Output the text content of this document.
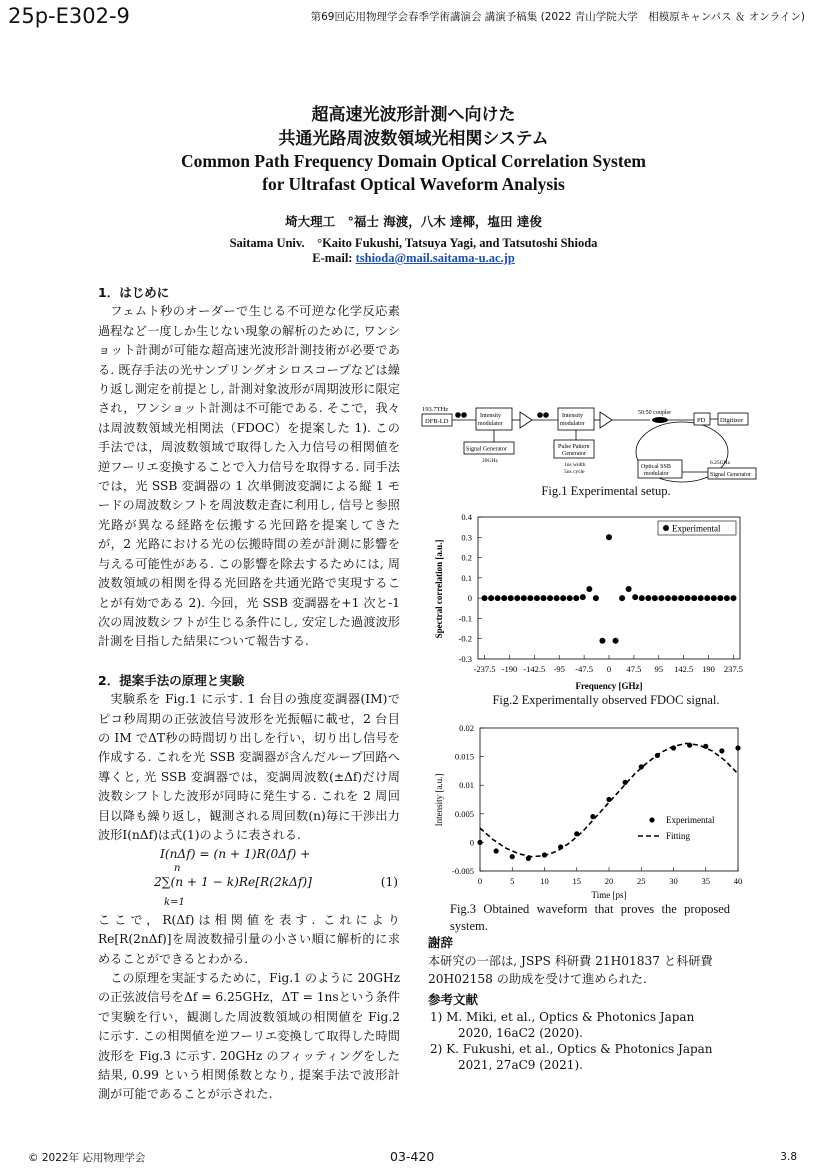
25p-E302-9	第69回応用物理学会春季学術講演会 講演予稿集 (2022 青山学院大学　相模原キャンパス ＆ オンライン)
超高速光波形計測へ向けた
共通光路周波数領域光相関システム
Common Path Frequency Domain Optical Correlation System
for Ultrafast Optical Waveform Analysis
埼大理工　°福士 海渡，八木 達椰，塩田 達俊
Saitama Univ.　°Kaito Fukushi, Tatsuya Yagi, and Tatsutoshi Shioda
E-mail: tshioda@mail.saitama-u.ac.jp
1．はじめに

フェムト秒のオーダーで生じる不可逆な化学反応素過程など一度しか生じない現象の解析のために, ワンショット計測が可能な超高速光波形計測技術が必要である. 既存手法の光サンプリングオシロスコープなどは繰り返し測定を前提とし, 計測対象波形が周期波形に限定され，ワンショット計測は不可能である. そこで，我々は周波数領域光相関法（FDOC）を提案した 1). この手法では，周波数領域で取得した入力信号の相関値を逆フーリエ変換することで入力信号を取得する. 同手法では，光 SSB 変調器の 1 次単側波変調による縦 1 モードの周波数シフトを周波数走査に利用し, 信号と参照光路が異なる経路を伝搬する光回路を提案してきたが，2 光路における光の伝搬時間の差が計測に影響を与える可能性がある. この影響を除去するためには, 周波数領域の相関を得る光回路を共通光路で実現することが有効である 2). 今回，光 SSB 変調器を+1 次と-1 次の周波数シフトが生じる条件にし, 安定した過渡波形計測を目指した結果について報告する.

2．提案手法の原理と実験

実験系を Fig.1 に示す. 1 台目の強度変調器(IM)でピコ秒周期の正弦波信号波形を光振幅に載せ，2 台目の IM でΔT秒の時間切り出しを行い，切り出し信号を作成する. これを光 SSB 変調器が含んだループ回路へ導くと, 光 SSB 変調器では，変調周波数(±Δf)だけ周波数シフトした波形が同時に発生する. これを 2 周回目以降も繰り返し，観測される周回数(n)毎に干渉出力波形I(nΔf)は式(1)のように表される.

I(nΔf) = (n + 1)R(0Δf) +
n
2∑(n + 1 − k)Re[R(2kΔf)]
k=1
(1)

ここで，R(Δf)は相関値を表す. これにより Re[R(2nΔf)]を周波数掃引量の小さい順に解析的に求めることができるとわかる.

この原理を実証するために，Fig.1 のように 20GHz の正弦波信号をΔf = 6.25GHz，ΔT = 1nsという条件で実験を行い，観測した周波数領域の相関値を Fig.2 に示す. この相関値を逆フーリエ変換して取得した時間波形を Fig.3 に示す. 20GHz のフィッティングをした結果, 0.99 という相関係数となり, 提案手法で波形計測が可能であることが示された.

193.7THz
DFB-LD
Intensity
modulator
Intensity
modulator
50:50 coupler
PD Digitizer
Signal Generator
20GHz
Pulse Pattern
Generator
1ns width
5ns cycle
Optical SSB
modulator	Signal Generator
6.25GHz
Fig.1 Experimental setup.
0.4
0.3
0.2
0.1
0
-0.1
-0.2
-0.3
-237.5 -190 -142.5 -95 -47.5 0 47.5 95 142.5 190 237.5
Experimental
Frequency [GHz]
Spectral correlation [a.u.]
Fig.2 Experimentally observed FDOC signal.
0.02
0.015
0.01
0.005
0
-0.005
0	5	10	15	20	25	30	35	40
Experimental
Fitting
Time [ps]
Intensity [a.u.]
Fig.3 Obtained waveform that proves the proposed system.
謝辞

本研究の一部は, JSPS 科研費 21H01837 と科研費 20H02158 の助成を受けて進められた.

参考文献

1) M. Miki, et al., Optics & Photonics Japan 2020, 16aC2 (2020).

2) K. Fukushi, et al., Optics & Photonics Japan 2021, 27aC9 (2021).

© 2022年 応用物理学会	03-420	3.8
